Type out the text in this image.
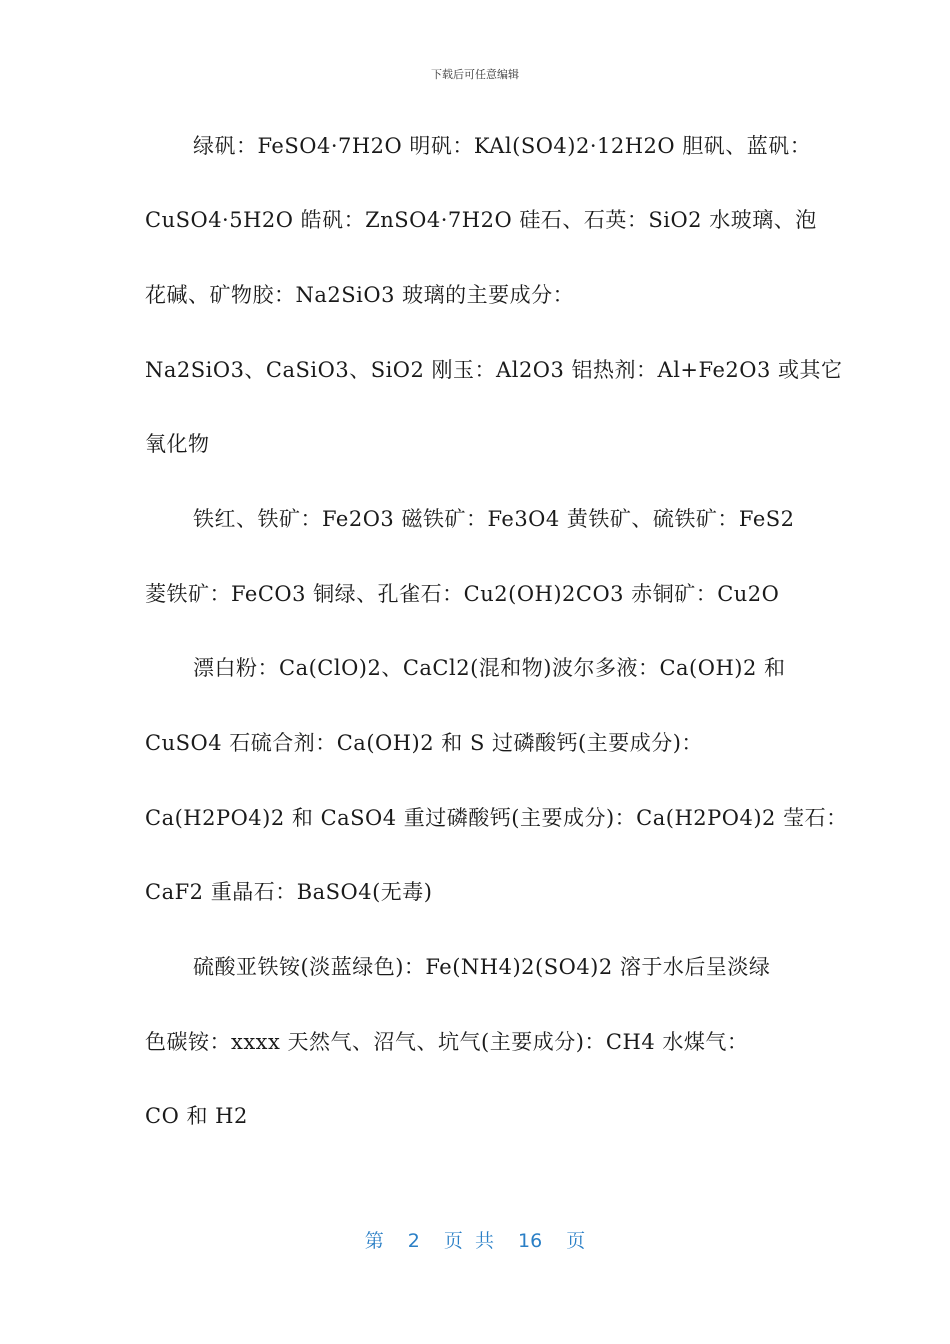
下载后可任意编辑
绿矾：FeSO4·7H2O 明矾：KAl(SO4)2·12H2O 胆矾、蓝矾：
CuSO4·5H2O 皓矾：ZnSO4·7H2O 硅石、石英：SiO2 水玻璃、泡
花碱、矿物胶：Na2SiO3 玻璃的主要成分：
Na2SiO3、CaSiO3、SiO2 刚玉：Al2O3 铝热剂：Al+Fe2O3 或其它
氧化物
铁红、铁矿：Fe2O3 磁铁矿：Fe3O4 黄铁矿、硫铁矿：FeS2
菱铁矿：FeCO3 铜绿、孔雀石：Cu2(OH)2CO3 赤铜矿：Cu2O
漂白粉：Ca(ClO)2、CaCl2(混和物)波尔多液：Ca(OH)2 和
CuSO4 石硫合剂：Ca(OH)2 和 S 过磷酸钙(主要成分)：
Ca(H2PO4)2 和 CaSO4 重过磷酸钙(主要成分)：Ca(H2PO4)2 莹石：
CaF2 重晶石：BaSO4(无毒)
硫酸亚铁铵(淡蓝绿色)：Fe(NH4)2(SO4)2 溶于水后呈淡绿
色碳铵：xxxx 天然气、沼气、坑气(主要成分)：CH4 水煤气：
CO 和 H2
第 2 页 共 16 页
